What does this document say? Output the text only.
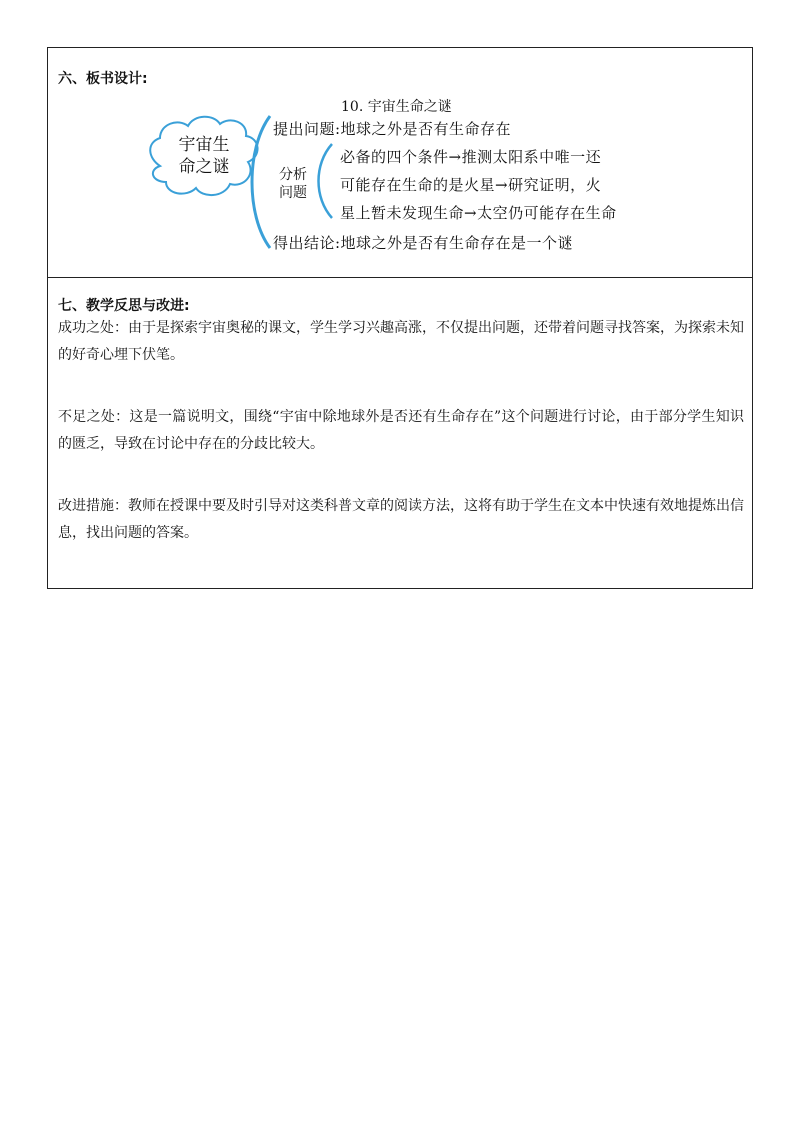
六、板书设计:
10. 宇宙生命之谜
宇宙生
命之谜
提出问题:地球之外是否有生命存在
分析
问题
必备的四个条件→推测太阳系中唯一还
可能存在生命的是火星→研究证明，火
星上暂未发现生命→太空仍可能存在生命
得出结论:地球之外是否有生命存在是一个谜
七、教学反思与改进:
成功之处：由于是探索宇宙奥秘的课文，学生学习兴趣高涨，不仅提出问题，还带着问题寻找答案，为探索未知的好奇心埋下伏笔。
不足之处：这是一篇说明文，围绕“宇宙中除地球外是否还有生命存在”这个问题进行讨论，由于部分学生知识的匮乏，导致在讨论中存在的分歧比较大。
改进措施：教师在授课中要及时引导对这类科普文章的阅读方法，这将有助于学生在文本中快速有效地提炼出信息，找出问题的答案。
